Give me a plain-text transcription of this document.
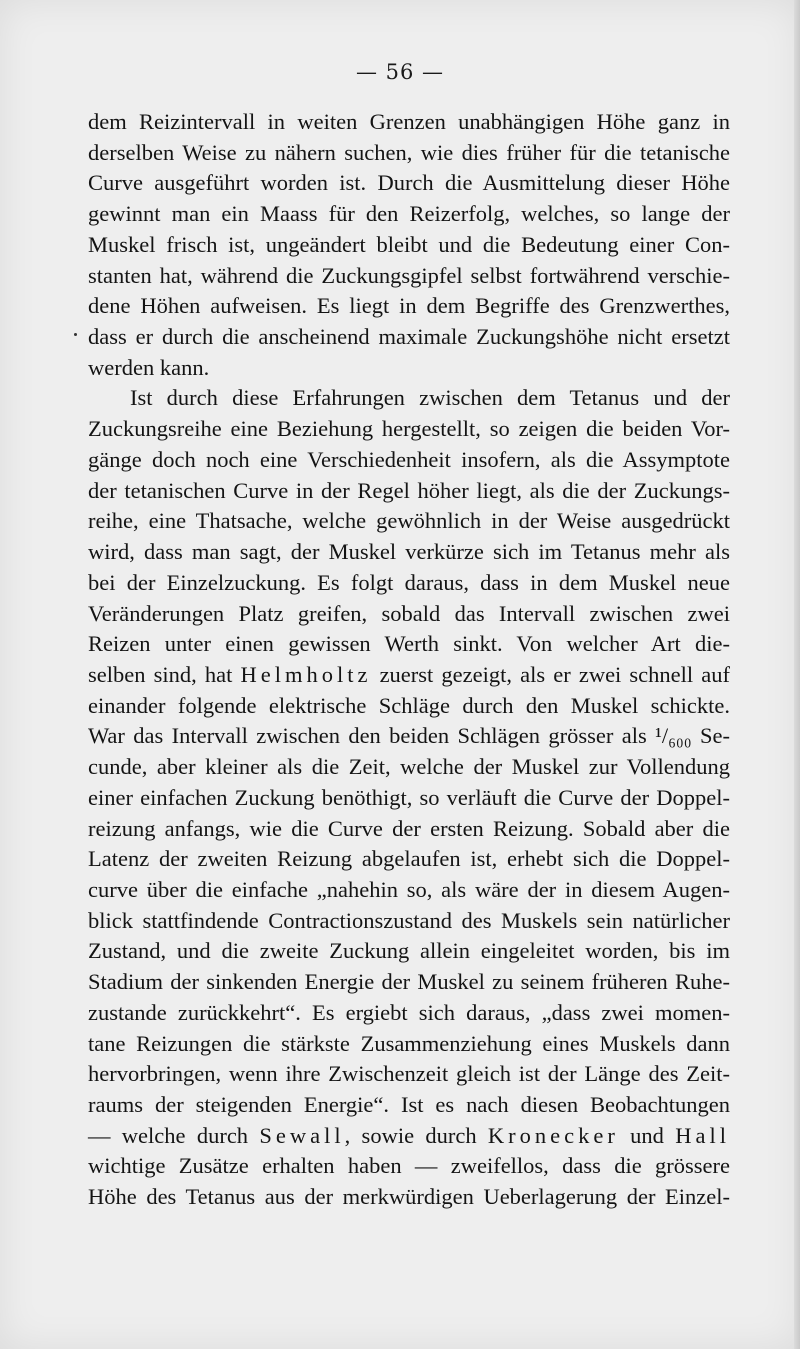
— 56 —
dem Reizintervall in weiten Grenzen unabhängigen Höhe ganz in
derselben Weise zu nähern suchen, wie dies früher für die tetanische
Curve ausgeführt worden ist. Durch die Ausmittelung dieser Höhe
gewinnt man ein Maass für den Reizerfolg, welches, so lange der
Muskel frisch ist, ungeändert bleibt und die Bedeutung einer Con-
stanten hat, während die Zuckungsgipfel selbst fortwährend verschie-
dene Höhen aufweisen. Es liegt in dem Begriffe des Grenzwerthes,
dass er durch die anscheinend maximale Zuckungshöhe nicht ersetzt
werden kann.
Ist durch diese Erfahrungen zwischen dem Tetanus und der
Zuckungsreihe eine Beziehung hergestellt, so zeigen die beiden Vor-
gänge doch noch eine Verschiedenheit insofern, als die Assymptote
der tetanischen Curve in der Regel höher liegt, als die der Zuckungs-
reihe, eine Thatsache, welche gewöhnlich in der Weise ausgedrückt
wird, dass man sagt, der Muskel verkürze sich im Tetanus mehr als
bei der Einzelzuckung. Es folgt daraus, dass in dem Muskel neue
Veränderungen Platz greifen, sobald das Intervall zwischen zwei
Reizen unter einen gewissen Werth sinkt. Von welcher Art die-
selben sind, hat Helmholtz zuerst gezeigt, als er zwei schnell auf
einander folgende elektrische Schläge durch den Muskel schickte.
War das Intervall zwischen den beiden Schlägen grösser als ¹/₆₀₀ Se-
cunde, aber kleiner als die Zeit, welche der Muskel zur Vollendung
einer einfachen Zuckung benöthigt, so verläuft die Curve der Doppel-
reizung anfangs, wie die Curve der ersten Reizung. Sobald aber die
Latenz der zweiten Reizung abgelaufen ist, erhebt sich die Doppel-
curve über die einfache „nahehin so, als wäre der in diesem Augen-
blick stattfindende Contractionszustand des Muskels sein natürlicher
Zustand, und die zweite Zuckung allein eingeleitet worden, bis im
Stadium der sinkenden Energie der Muskel zu seinem früheren Ruhe-
zustande zurückkehrt“. Es ergiebt sich daraus, „dass zwei momen-
tane Reizungen die stärkste Zusammenziehung eines Muskels dann
hervorbringen, wenn ihre Zwischenzeit gleich ist der Länge des Zeit-
raums der steigenden Energie“. Ist es nach diesen Beobachtungen
— welche durch Sewall, sowie durch Kronecker und Hall
wichtige Zusätze erhalten haben — zweifellos, dass die grössere
Höhe des Tetanus aus der merkwürdigen Ueberlagerung der Einzel-
